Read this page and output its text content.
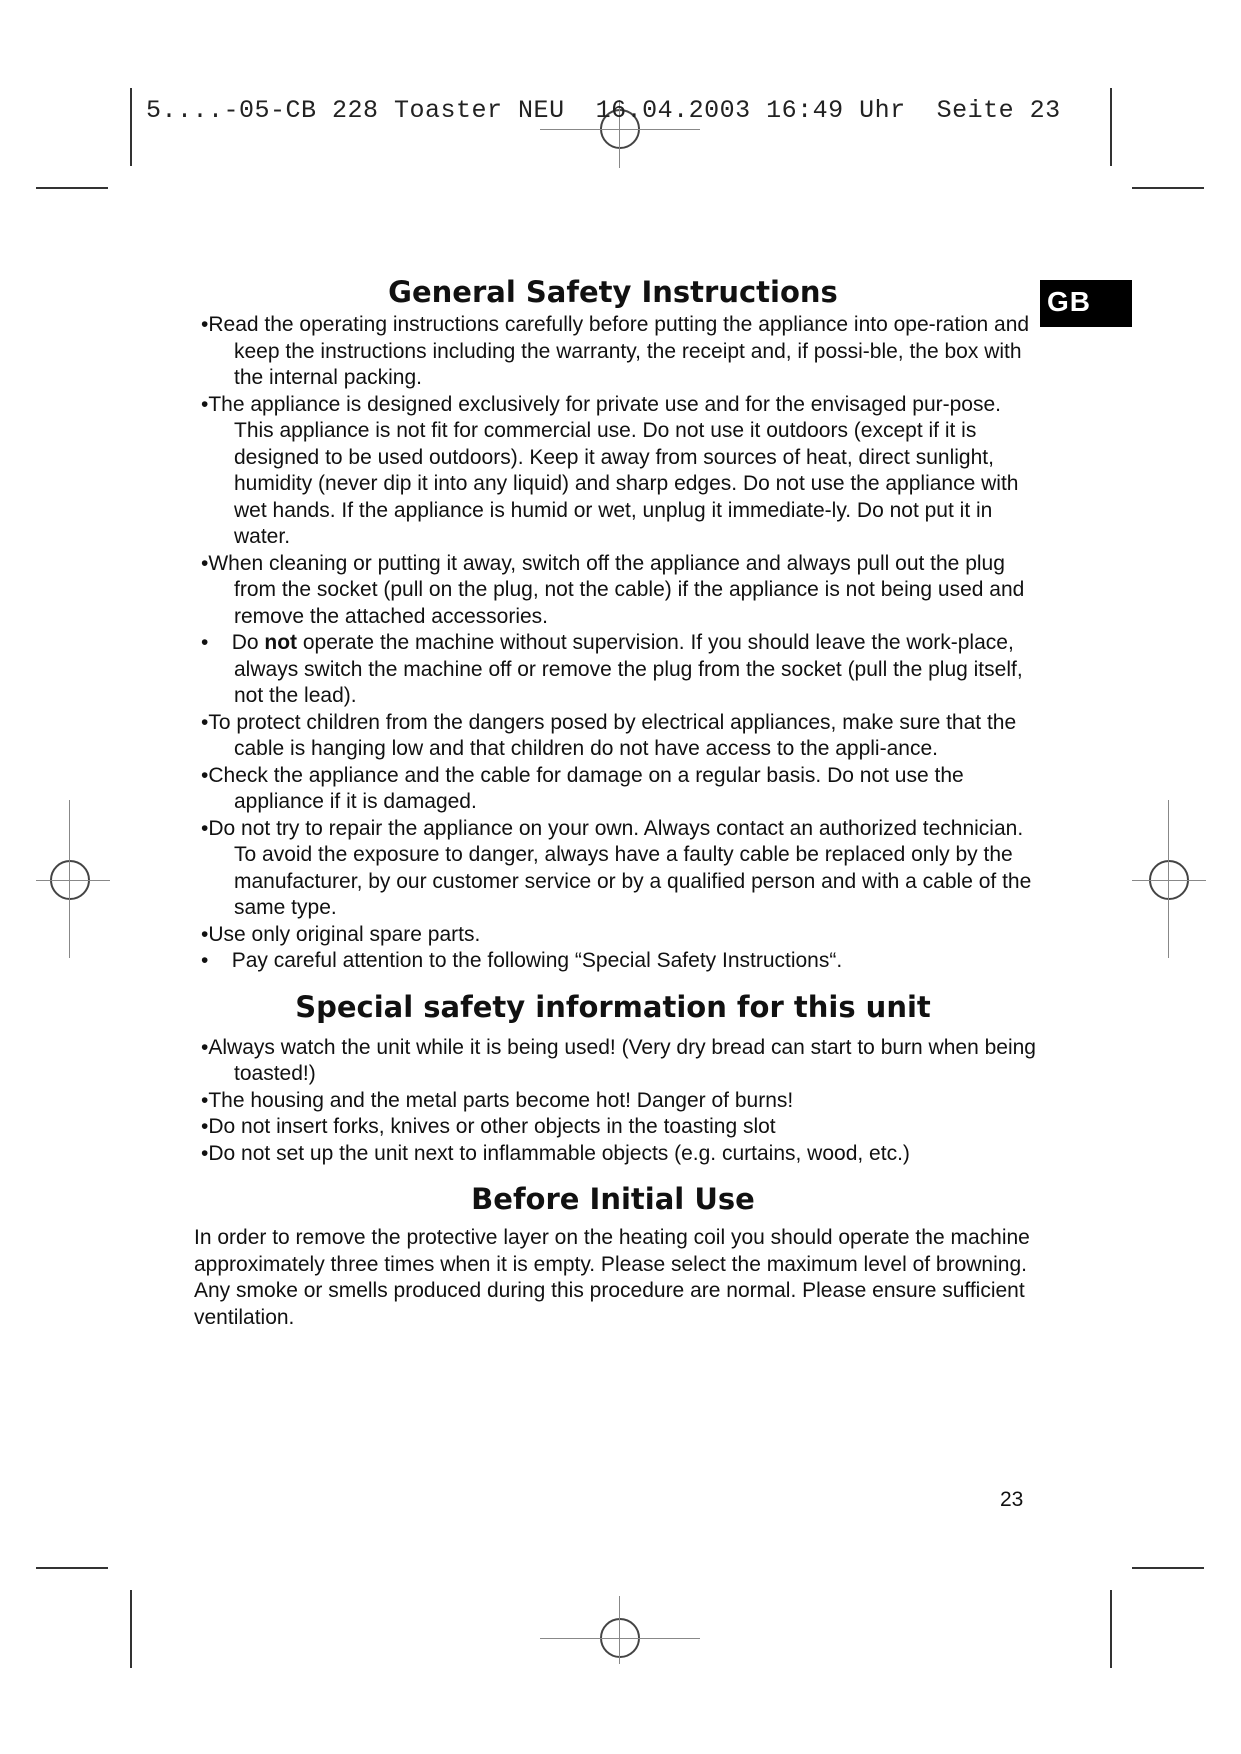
5....-05-CB 228 Toaster NEU  16.04.2003 16:49 Uhr  Seite 23
GB
General Safety Instructions
•Read the operating instructions carefully before putting the appliance into ope-ration and keep the instructions including the warranty, the receipt and, if possi-ble, the box with the internal packing.
•The appliance is designed exclusively for private use and for the envisaged pur-pose. This appliance is not fit for commercial use. Do not use it outdoors (except if it is designed to be used outdoors). Keep it away from sources of heat, direct sunlight, humidity (never dip it into any liquid) and sharp edges. Do not use the appliance with wet hands. If the appliance is humid or wet, unplug it immediate-ly. Do not put it in water.
•When cleaning or putting it away, switch off the appliance and always pull out the plug from the socket (pull on the plug, not the cable) if the appliance is not being used and remove the attached accessories.
•    Do not operate the machine without supervision. If you should leave the work-place, always switch the machine off or remove the plug from the socket (pull the plug itself, not the lead).
•To protect children from the dangers posed by electrical appliances, make sure that the cable is hanging low and that children do not have access to the appli-ance.
•Check the appliance and the cable for damage on a regular basis. Do not use the appliance if it is damaged.
•Do not try to repair the appliance on your own. Always contact an authorized technician. To avoid the exposure to danger, always have a faulty cable be replaced only by the manufacturer, by our customer service or by a qualified person and with a cable of the same type.
•Use only original spare parts.
•    Pay careful attention to the following “Special Safety Instructions“.
Special safety information for this unit
•Always watch the unit while it is being used! (Very dry bread can start to burn when being toasted!)
•The housing and the metal parts become hot! Danger of burns!
•Do not insert forks, knives or other objects in the toasting slot
•Do not set up the unit next to inflammable objects (e.g. curtains, wood, etc.)
Before Initial Use

In order to remove the protective layer on the heating coil you should operate the machine approximately three times when it is empty. Please select the maximum level of browning. Any smoke or smells produced during this procedure are normal. Please ensure sufficient ventilation.

23
